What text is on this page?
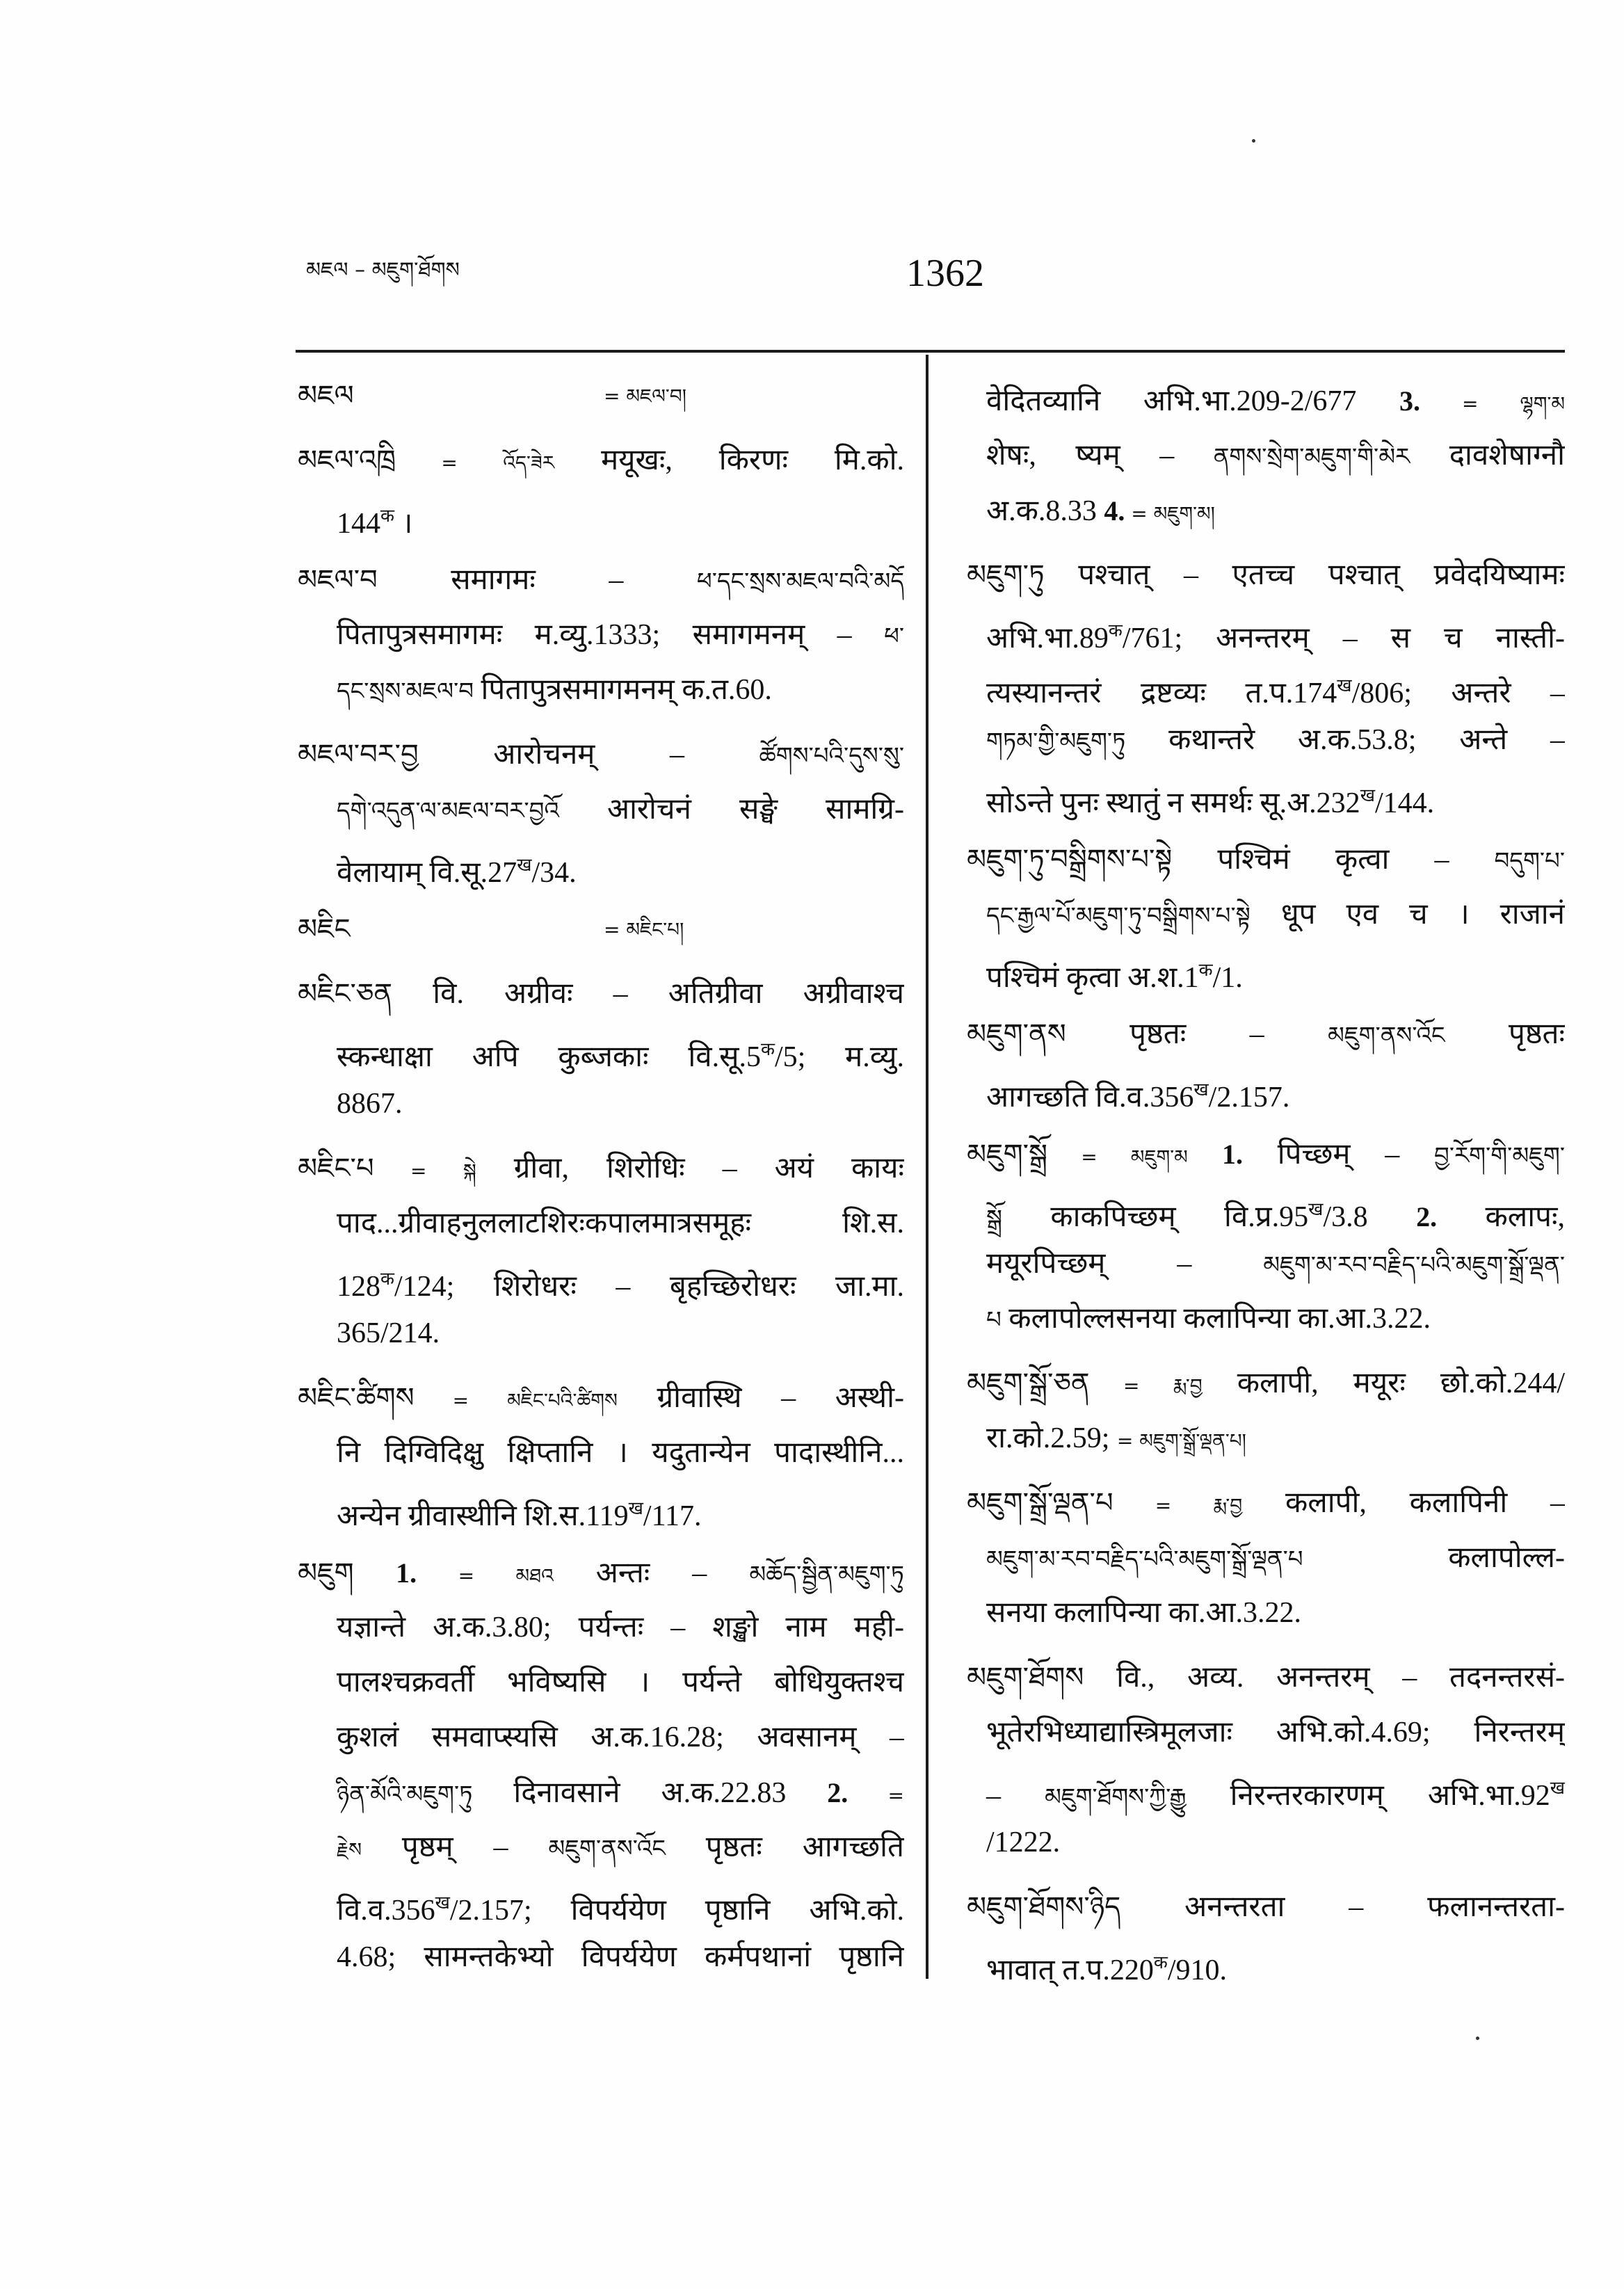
མཇལ – མཇུག་ཐོགས	1362
མཇལ	= མཇལ་བ།
མཇལ་འཁྲི = འོད་ཟེར मयूखः, किरणः मि.को.
144क ।
མཇལ་བ समागमः – ཕ་དང་སྲས་མཇལ་བའི་མདོ
पितापुत्रसमागमः म.व्यु.1333; समागमनम् – ཕ་
དང་སྲས་མཇལ་བ पितापुत्रसमागमनम् क.त.60.
མཇལ་བར་བྱ आरोचनम् – ཚོགས་པའི་དུས་སུ་
དགེ་འདུན་ལ་མཇལ་བར་བྱའོ आरोचनं सङ्घे सामग्रि-
वेलायाम् वि.सू.27ख/34.
མཇིང	= མཇིང་པ།
མཇིང་ཅན वि. अग्रीवः – अतिग्रीवा अग्रीवाश्च
स्कन्धाक्षा अपि कुब्जकाः वि.सू.5क/5; म.व्यु.
8867.
མཇིང་པ = སྐེ ग्रीवा, शिरोधिः – अयं कायः
पाद...ग्रीवाहनुललाटशिरःकपालमात्रसमूहः शि.स.
128क/124; शिरोधरः – बृहच्छिरोधरः जा.मा.
365/214.
མཇིང་ཚིགས = མཇིང་པའི་ཚིགས ग्रीवास्थि – अस्थी-
नि दिग्विदिक्षु क्षिप्तानि । यदुतान्येन पादास्थीनि...
अन्येन ग्रीवास्थीनि शि.स.119ख/117.
མཇུག 1. = མཐའ अन्तः – མཆོད་སྦྱིན་མཇུག་ཏུ
यज्ञान्ते अ.क.3.80; पर्यन्तः – शङ्खो नाम मही-
पालश्चक्रवर्ती भविष्यसि । पर्यन्ते बोधियुक्तश्च
कुशलं समवाप्स्यसि अ.क.16.28; अवसानम् –
ཉིན་མོའི་མཇུག་ཏུ दिनावसाने अ.क.22.83 2. =
རྗེས पृष्ठम् – མཇུག་ནས་འོང पृष्ठतः आगच्छति
वि.व.356ख/2.157; विपर्ययेण पृष्ठानि अभि.को.
4.68; सामन्तकेभ्यो विपर्ययेण कर्मपथानां पृष्ठानि
वेदितव्यानि अभि.भा.209-2/677 3. = ལྷག་མ
शेषः, ष्यम् – ནགས་སྲེག་མཇུག་གི་མེར दावशेषाग्नौ
अ.क.8.33 4. = མཇུག་མ།
མཇུག་ཏུ पश्चात् – एतच्च पश्चात् प्रवेदयिष्यामः
अभि.भा.89क/761; अनन्तरम् – स च नास्ती-
त्यस्यानन्तरं द्रष्टव्यः त.प.174ख/806; अन्तरे –
གཏམ་གྱི་མཇུག་ཏུ कथान्तरे अ.क.53.8; अन्ते –
सोऽन्ते पुनः स्थातुं न समर्थः सू.अ.232ख/144.
མཇུག་ཏུ་བསྒྲིགས་པ་སྟེ पश्चिमं कृत्वा – བདུག་པ་
དང་རྒྱལ་པོ་མཇུག་ཏུ་བསྒྲིགས་པ་སྟེ धूप एव च । राजानं
पश्चिमं कृत्वा अ.श.1क/1.
མཇུག་ནས पृष्ठतः – མཇུག་ནས་འོང पृष्ठतः
आगच्छति वि.व.356ख/2.157.
མཇུག་སྒྲོ = མཇུག་མ 1. पिच्छम् – བྱ་རོག་གི་མཇུག་
སྒྲོ काकपिच्छम् वि.प्र.95ख/3.8 2. कलापः,
मयूरपिच्छम् – མཇུག་མ་རབ་བརྗིད་པའི་མཇུག་སྒྲོ་ལྡན་
པ कलापोल्लसनया कलापिन्या का.आ.3.22.
མཇུག་སྒྲོ་ཅན = རྨ་བྱ कलापी, मयूरः छो.को.244/
रा.को.2.59; = མཇུག་སྒྲོ་ལྡན་པ།
མཇུག་སྒྲོ་ལྡན་པ = རྨ་བྱ कलापी, कलापिनी –
མཇུག་མ་རབ་བརྗིད་པའི་མཇུག་སྒྲོ་ལྡན་པ कलापोल्ल-
सनया कलापिन्या का.आ.3.22.
མཇུག་ཐོགས वि., अव्य. अनन्तरम् – तदनन्तरसं-
भूतेरभिध्याद्यास्त्रिमूलजाः अभि.को.4.69; निरन्तरम्
– མཇུག་ཐོགས་ཀྱི་རྒྱུ निरन्तरकारणम् अभि.भा.92ख
/1222.
མཇུག་ཐོགས་ཉིད अनन्तरता – फलानन्तरता-
भावात् त.प.220क/910.
